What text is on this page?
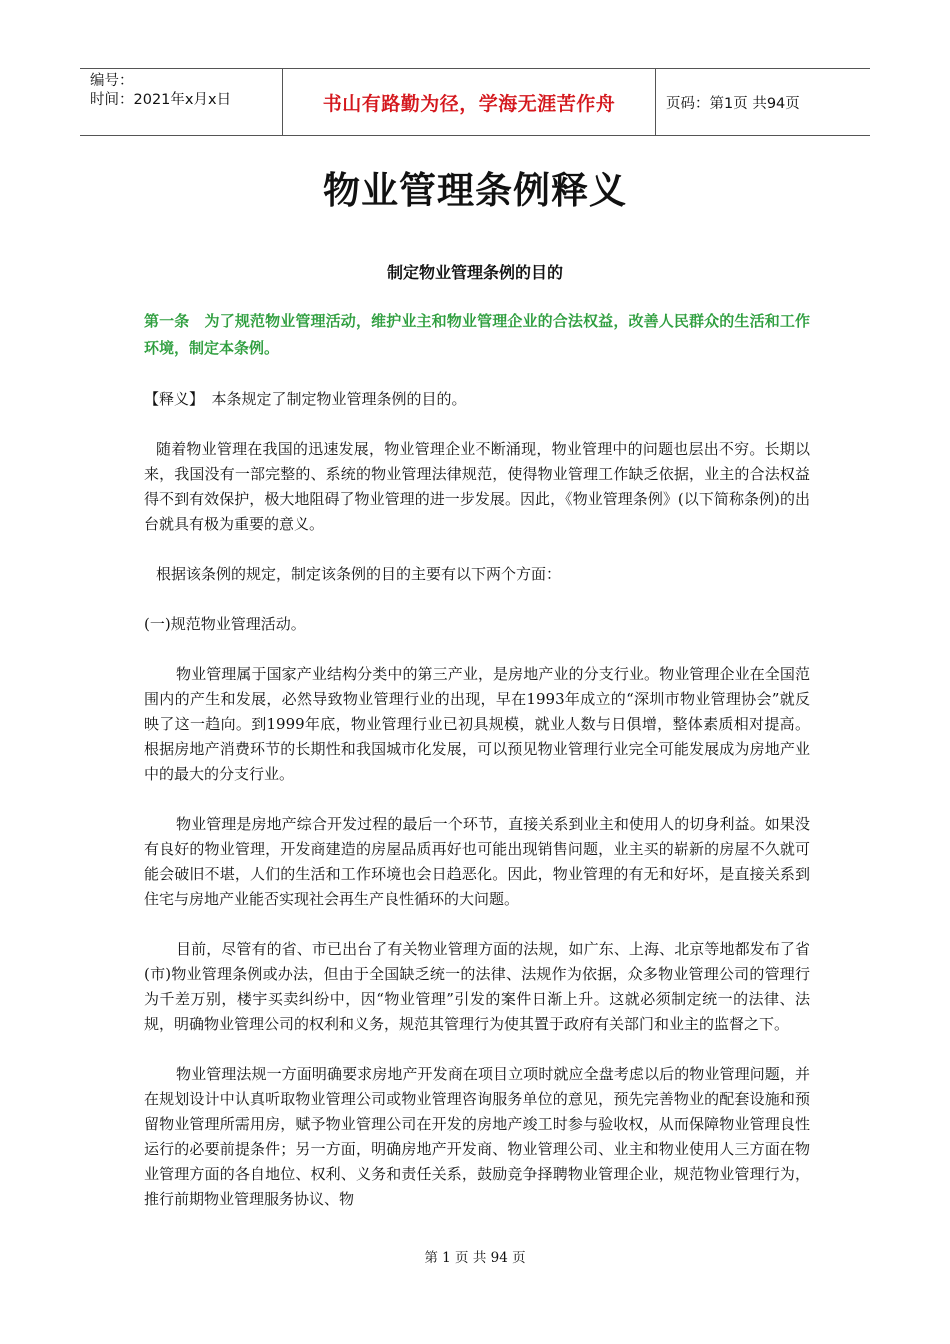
编号：
时间：2021年x月x日	书山有路勤为径，学海无涯苦作舟	页码：第1页 共94页
物业管理条例释义
制定物业管理条例的目的

第一条　为了规范物业管理活动，维护业主和物业管理企业的合法权益，改善人民群众的生活和工作环境，制定本条例。

【释义】　本条规定了制定物业管理条例的目的。

随着物业管理在我国的迅速发展，物业管理企业不断涌现，物业管理中的问题也层出不穷。长期以来，我国没有一部完整的、系统的物业管理法律规范，使得物业管理工作缺乏依据，业主的合法权益得不到有效保护，极大地阻碍了物业管理的进一步发展。因此，《物业管理条例》(以下简称条例)的出台就具有极为重要的意义。

根据该条例的规定，制定该条例的目的主要有以下两个方面：

(一)规范物业管理活动。

物业管理属于国家产业结构分类中的第三产业，是房地产业的分支行业。物业管理企业在全国范围内的产生和发展，必然导致物业管理行业的出现，早在1993年成立的“深圳市物业管理协会”就反映了这一趋向。到1999年底，物业管理行业已初具规模，就业人数与日俱增，整体素质相对提高。根据房地产消费环节的长期性和我国城市化发展，可以预见物业管理行业完全可能发展成为房地产业中的最大的分支行业。

物业管理是房地产综合开发过程的最后一个环节，直接关系到业主和使用人的切身利益。如果没有良好的物业管理，开发商建造的房屋品质再好也可能出现销售问题，业主买的崭新的房屋不久就可能会破旧不堪，人们的生活和工作环境也会日趋恶化。因此，物业管理的有无和好坏，是直接关系到住宅与房地产业能否实现社会再生产良性循环的大问题。

目前，尽管有的省、市已出台了有关物业管理方面的法规，如广东、上海、北京等地都发布了省(市)物业管理条例或办法，但由于全国缺乏统一的法律、法规作为依据，众多物业管理公司的管理行为千差万别，楼宇买卖纠纷中，因“物业管理”引发的案件日渐上升。这就必须制定统一的法律、法规，明确物业管理公司的权利和义务，规范其管理行为使其置于政府有关部门和业主的监督之下。

物业管理法规一方面明确要求房地产开发商在项目立项时就应全盘考虑以后的物业管理问题，并在规划设计中认真听取物业管理公司或物业管理咨询服务单位的意见，预先完善物业的配套设施和预留物业管理所需用房，赋予物业管理公司在开发的房地产竣工时参与验收权，从而保障物业管理良性运行的必要前提条件；另一方面，明确房地产开发商、物业管理公司、业主和物业使用人三方面在物业管理方面的各自地位、权利、义务和责任关系，鼓励竞争择聘物业管理企业，规范物业管理行为，推行前期物业管理服务协议、物

第 1 页 共 94 页
